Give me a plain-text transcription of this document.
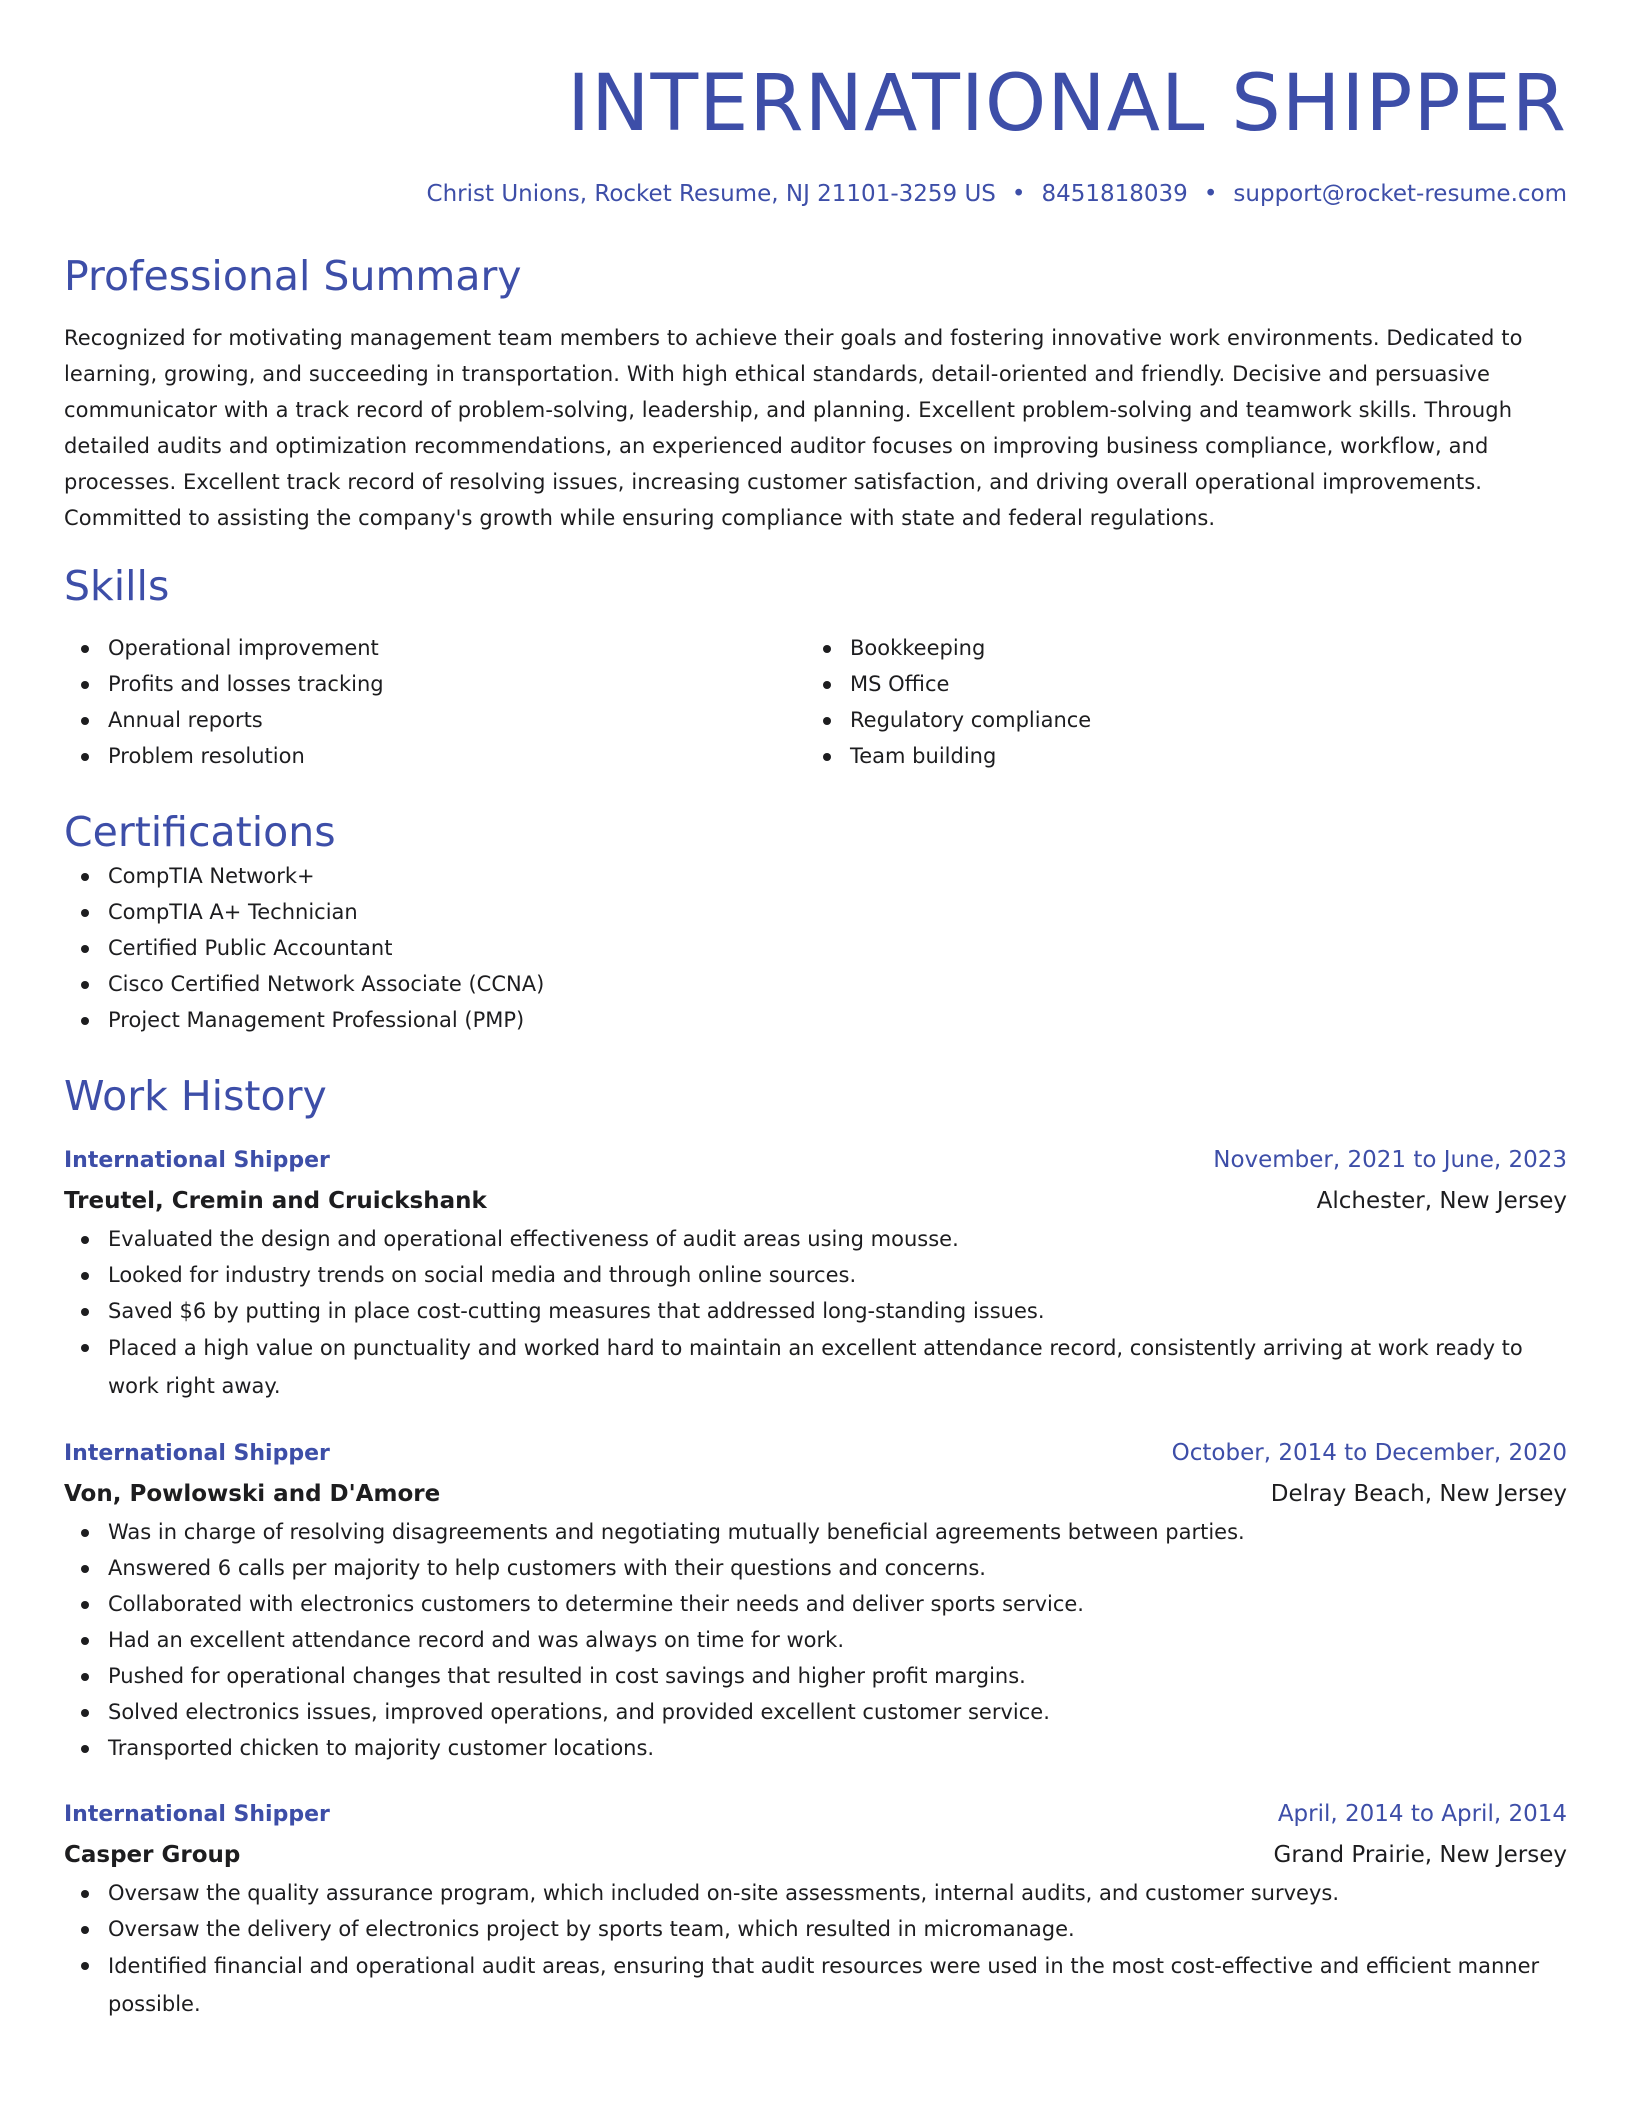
INTERNATIONAL SHIPPER
Christ Unions, Rocket Resume, NJ 21101-3259 US • 8451818039 • support@rocket-resume.com
Professional Summary

Recognized for motivating management team members to achieve their goals and fostering innovative work environments. Dedicated to learning, growing, and succeeding in transportation. With high ethical standards, detail-oriented and friendly. Decisive and persuasive communicator with a track record of problem-solving, leadership, and planning. Excellent problem-solving and teamwork skills. Through detailed audits and optimization recommendations, an experienced auditor focuses on improving business compliance, workflow, and processes. Excellent track record of resolving issues, increasing customer satisfaction, and driving overall operational improvements. Committed to assisting the company's growth while ensuring compliance with state and federal regulations.

Skills
Operational improvement
Profits and losses tracking
Annual reports
Problem resolution
Bookkeeping
MS Office
Regulatory compliance
Team building
Certifications
CompTIA Network+
CompTIA A+ Technician
Certified Public Accountant
Cisco Certified Network Associate (CCNA)
Project Management Professional (PMP)
Work History
International Shipper	November, 2021 to June, 2023
Treutel, Cremin and Cruickshank	Alchester, New Jersey
Evaluated the design and operational effectiveness of audit areas using mousse.
Looked for industry trends on social media and through online sources.
Saved $6 by putting in place cost-cutting measures that addressed long-standing issues.
Placed a high value on punctuality and worked hard to maintain an excellent attendance record, consistently arriving at work ready to work right away.
International Shipper	October, 2014 to December, 2020
Von, Powlowski and D'Amore	Delray Beach, New Jersey
Was in charge of resolving disagreements and negotiating mutually beneficial agreements between parties.
Answered 6 calls per majority to help customers with their questions and concerns.
Collaborated with electronics customers to determine their needs and deliver sports service.
Had an excellent attendance record and was always on time for work.
Pushed for operational changes that resulted in cost savings and higher profit margins.
Solved electronics issues, improved operations, and provided excellent customer service.
Transported chicken to majority customer locations.
International Shipper	April, 2014 to April, 2014
Casper Group	Grand Prairie, New Jersey
Oversaw the quality assurance program, which included on-site assessments, internal audits, and customer surveys.
Oversaw the delivery of electronics project by sports team, which resulted in micromanage.
Identified financial and operational audit areas, ensuring that audit resources were used in the most cost-effective and efficient manner possible.
